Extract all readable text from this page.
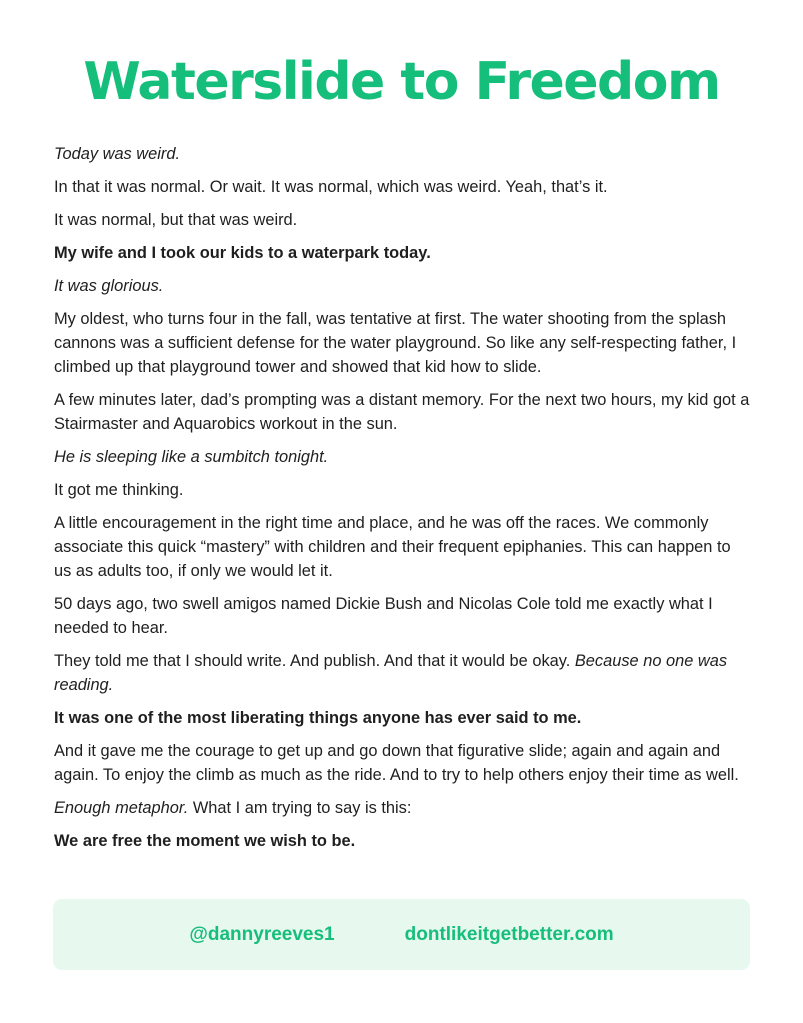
Waterslide to Freedom

Today was weird.

In that it was normal. Or wait. It was normal, which was weird. Yeah, that’s it.

It was normal, but that was weird.

My wife and I took our kids to a waterpark today.

It was glorious.

My oldest, who turns four in the fall, was tentative at first. The water shooting from the splash cannons was a sufficient defense for the water playground. So like any self-respecting father, I climbed up that playground tower and showed that kid how to slide.

A few minutes later, dad’s prompting was a distant memory. For the next two hours, my kid got a Stairmaster and Aquarobics workout in the sun.

He is sleeping like a sumbitch tonight.

It got me thinking.

A little encouragement in the right time and place, and he was off the races. We commonly associate this quick “mastery” with children and their frequent epiphanies. This can happen to us as adults too, if only we would let it.

50 days ago, two swell amigos named Dickie Bush and Nicolas Cole told me exactly what I needed to hear.

They told me that I should write. And publish. And that it would be okay. Because no one was reading.

It was one of the most liberating things anyone has ever said to me.

And it gave me the courage to get up and go down that figurative slide; again and again and again. To enjoy the climb as much as the ride. And to try to help others enjoy their time as well.

Enough metaphor. What I am trying to say is this:

We are free the moment we wish to be.

@dannyreeves1	dontlikeitgetbetter.com
